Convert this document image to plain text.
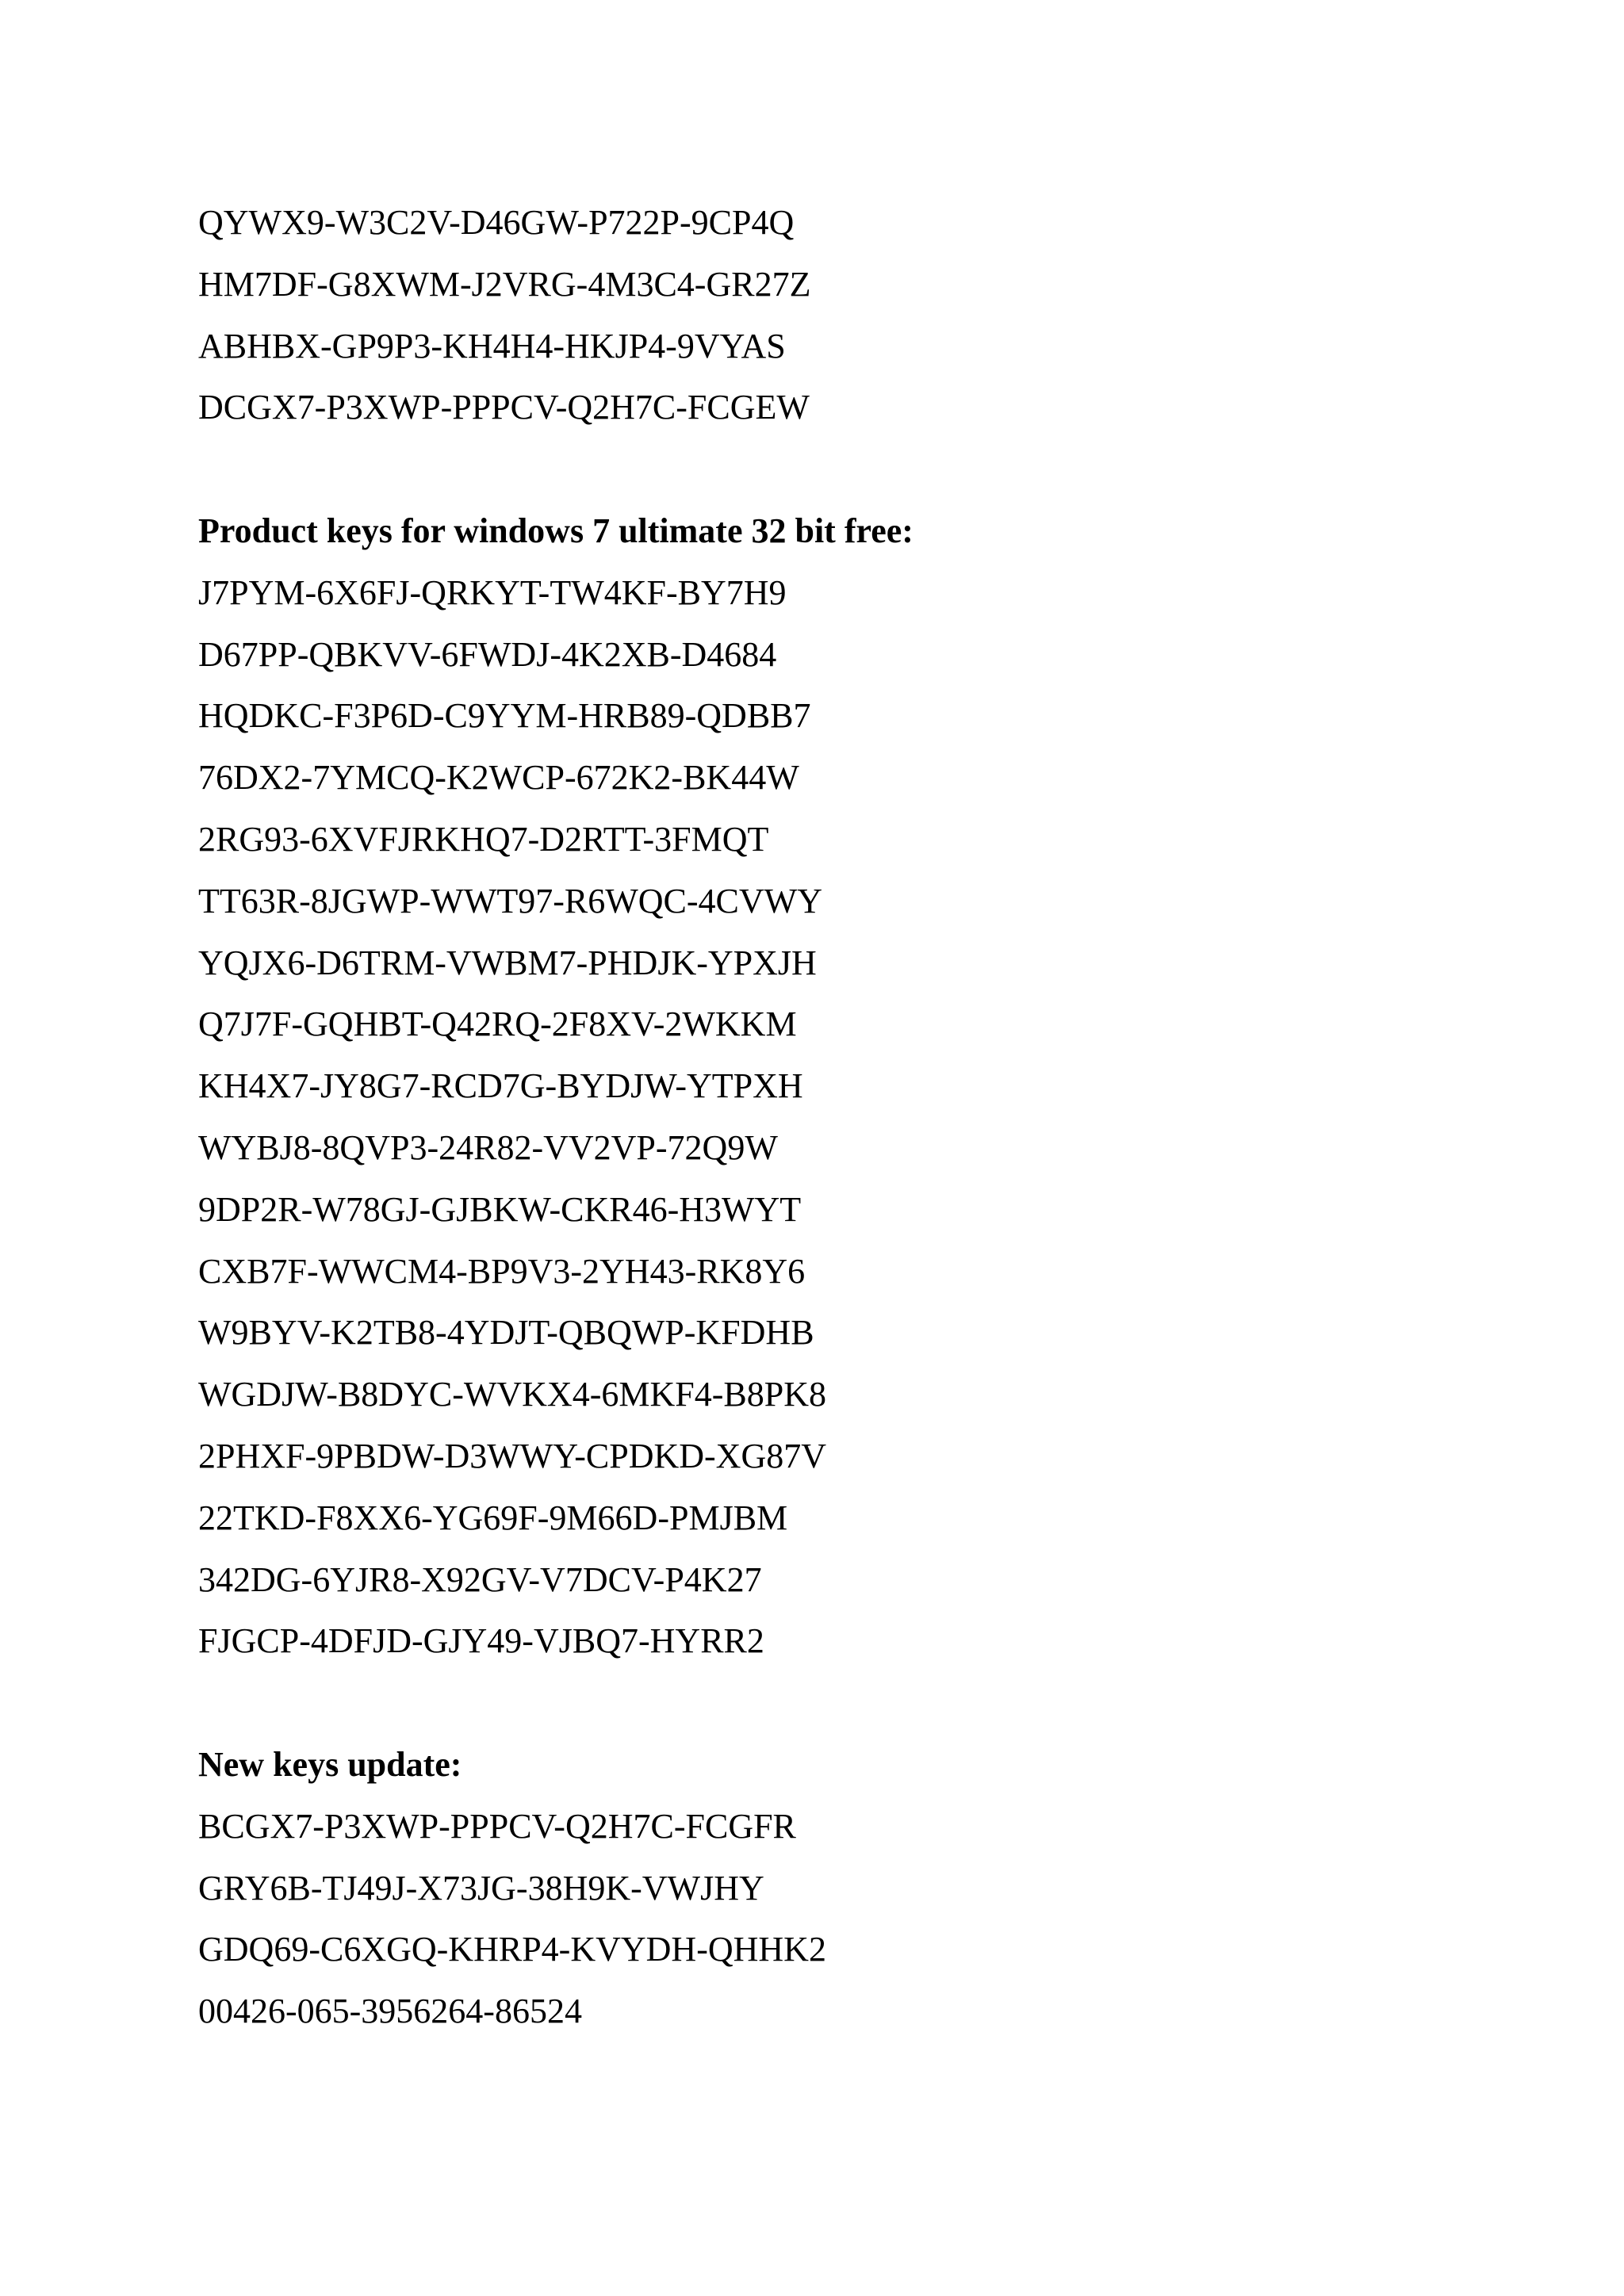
QYWX9-W3C2V-D46GW-P722P-9CP4Q
HM7DF-G8XWM-J2VRG-4M3C4-GR27Z
ABHBX-GP9P3-KH4H4-HKJP4-9VYAS
DCGX7-P3XWP-PPPCV-Q2H7C-FCGEW
Product keys for windows 7 ultimate 32 bit free:
J7PYM-6X6FJ-QRKYT-TW4KF-BY7H9
D67PP-QBKVV-6FWDJ-4K2XB-D4684
HQDKC-F3P6D-C9YYM-HRB89-QDBB7
76DX2-7YMCQ-K2WCP-672K2-BK44W
2RG93-6XVFJRKHQ7-D2RTT-3FMQT
TT63R-8JGWP-WWT97-R6WQC-4CVWY
YQJX6-D6TRM-VWBM7-PHDJK-YPXJH
Q7J7F-GQHBT-Q42RQ-2F8XV-2WKKM
KH4X7-JY8G7-RCD7G-BYDJW-YTPXH
WYBJ8-8QVP3-24R82-VV2VP-72Q9W
9DP2R-W78GJ-GJBKW-CKR46-H3WYT
CXB7F-WWCM4-BP9V3-2YH43-RK8Y6
W9BYV-K2TB8-4YDJT-QBQWP-KFDHB
WGDJW-B8DYC-WVKX4-6MKF4-B8PK8
2PHXF-9PBDW-D3WWY-CPDKD-XG87V
22TKD-F8XX6-YG69F-9M66D-PMJBM
342DG-6YJR8-X92GV-V7DCV-P4K27
FJGCP-4DFJD-GJY49-VJBQ7-HYRR2
New keys update:
BCGX7-P3XWP-PPPCV-Q2H7C-FCGFR
GRY6B-TJ49J-X73JG-38H9K-VWJHY
GDQ69-C6XGQ-KHRP4-KVYDH-QHHK2
00426-065-3956264-86524
